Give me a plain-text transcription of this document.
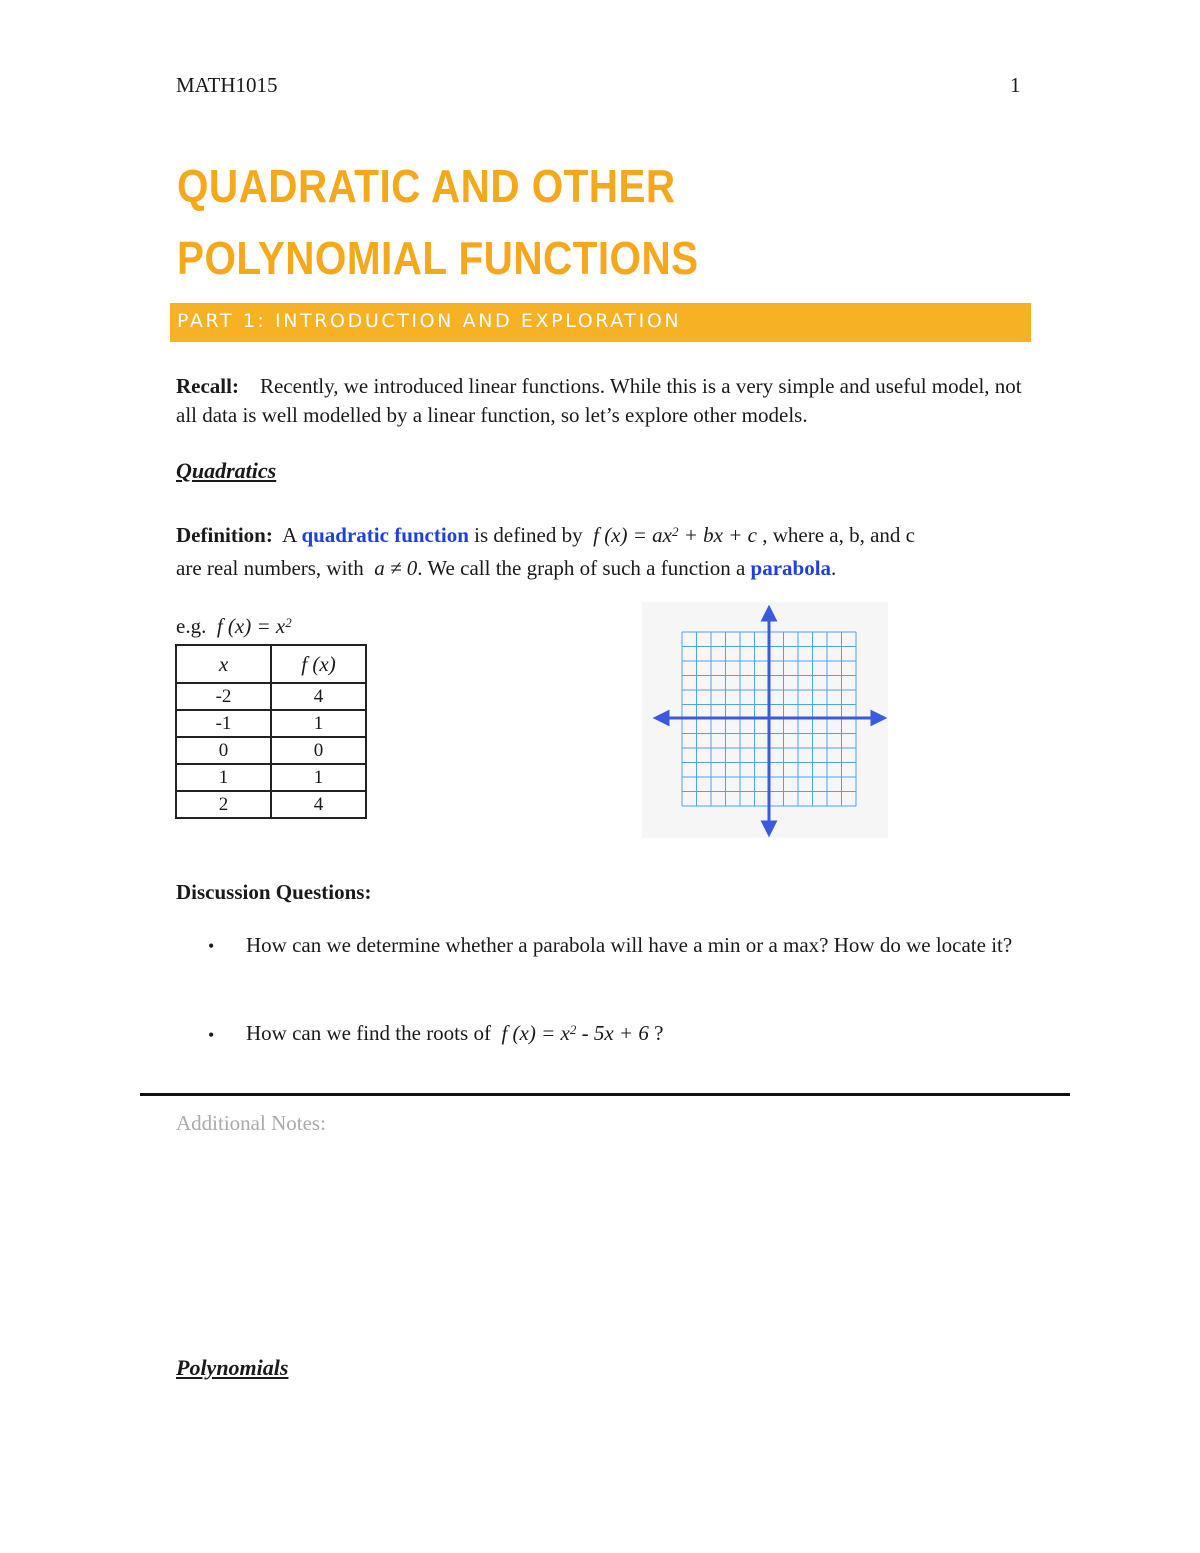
MATH1015	1
QUADRATIC AND OTHER POLYNOMIAL FUNCTIONS
PART 1: INTRODUCTION AND EXPLORATION
Recall: Recently, we introduced linear functions. While this is a very simple and useful model, not all data is well modelled by a linear function, so let’s explore other models.
Quadratics
Definition: A quadratic function is defined by f $(x) = ax^2$ + bx + c , where a, b, and c
are real numbers, with a ≠ 0. We call the graph of such a function a parabola.
e.g. f $(x) = x^2$
x	f (x)
-2	4
-1	1
0	0
1	1
2	4
Discussion Questions:
• How can we determine whether a parabola will have a min or a max? How do we locate it?
• How can we find the roots of f $(x) = x^2 - 5x + 6$ ?
Additional Notes:
Polynomials
